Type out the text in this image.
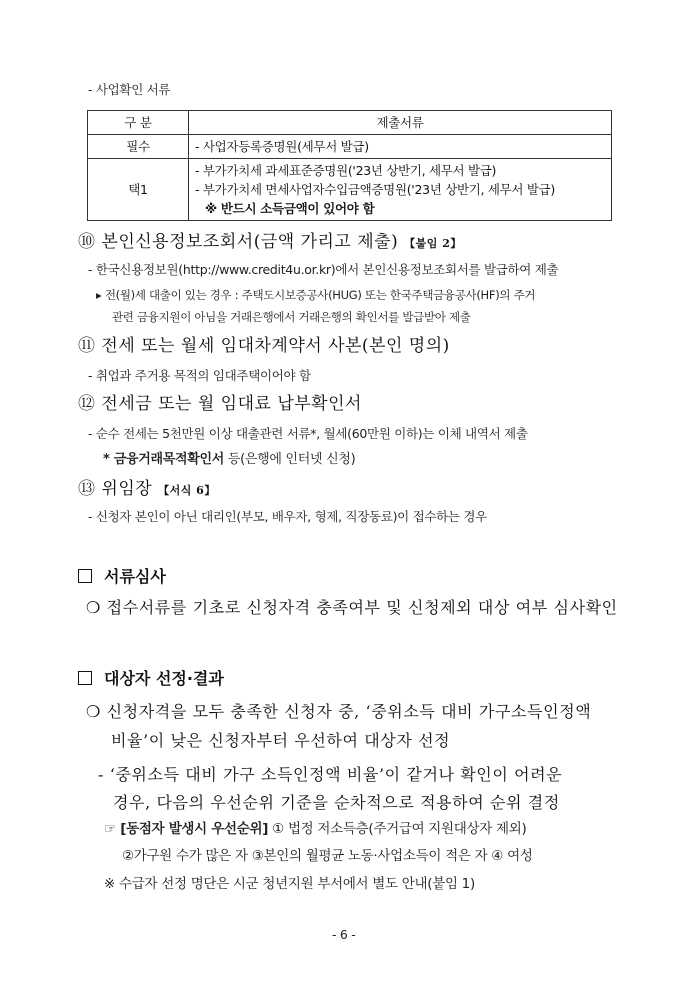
- 사업확인 서류
구 분	제출서류
필수	- 사업자등록증명원(세무서 발급)
택1	- 부가가치세 과세표준증명원('23년 상반기, 세무서 발급)
- 부가가치세 면세사업자수입금액증명원('23년 상반기, 세무서 발급)
※ 반드시 소득금액이 있어야 함
⑩ 본인신용정보조회서(금액 가리고 제출) 【붙임 2】
- 한국신용정보원(http://www.credit4u.or.kr)에서 본인신용정보조회서를 발급하여 제출
▸ 전(월)세 대출이 있는 경우 : 주택도시보증공사(HUG) 또는 한국주택금융공사(HF)의 주거
관련 금융지원이 아님을 거래은행에서 거래은행의 확인서를 발급받아 제출
⑪ 전세 또는 월세 임대차계약서 사본(본인 명의)
- 취업과 주거용 목적의 임대주택이어야 함
⑫ 전세금 또는 월 임대료 납부확인서
- 순수 전세는 5천만원 이상 대출관련 서류*, 월세(60만원 이하)는 이체 내역서 제출
* 금융거래목적확인서 등(은행에 인터넷 신청)
⑬ 위임장 【서식 6】
- 신청자 본인이 아닌 대리인(부모, 배우자, 형제, 직장동료)이 접수하는 경우
서류심사
❍ 접수서류를 기초로 신청자격 충족여부 및 신청제외 대상 여부 심사확인
대상자 선정·결과
❍ 신청자격을 모두 충족한 신청자 중, ‘중위소득 대비 가구소득인정액
비율’이 낮은 신청자부터 우선하여 대상자 선정
- ‘중위소득 대비 가구 소득인정액 비율’이 같거나 확인이 어려운
경우, 다음의 우선순위 기준을 순차적으로 적용하여 순위 결정
☞ [동점자 발생시 우선순위] ① 법정 저소득층(주거급여 지원대상자 제외)
②가구원 수가 많은 자 ③본인의 월평균 노동·사업소득이 적은 자 ④ 여성
※ 수급자 선정 명단은 시군 청년지원 부서에서 별도 안내(붙임 1)
- 6 -
